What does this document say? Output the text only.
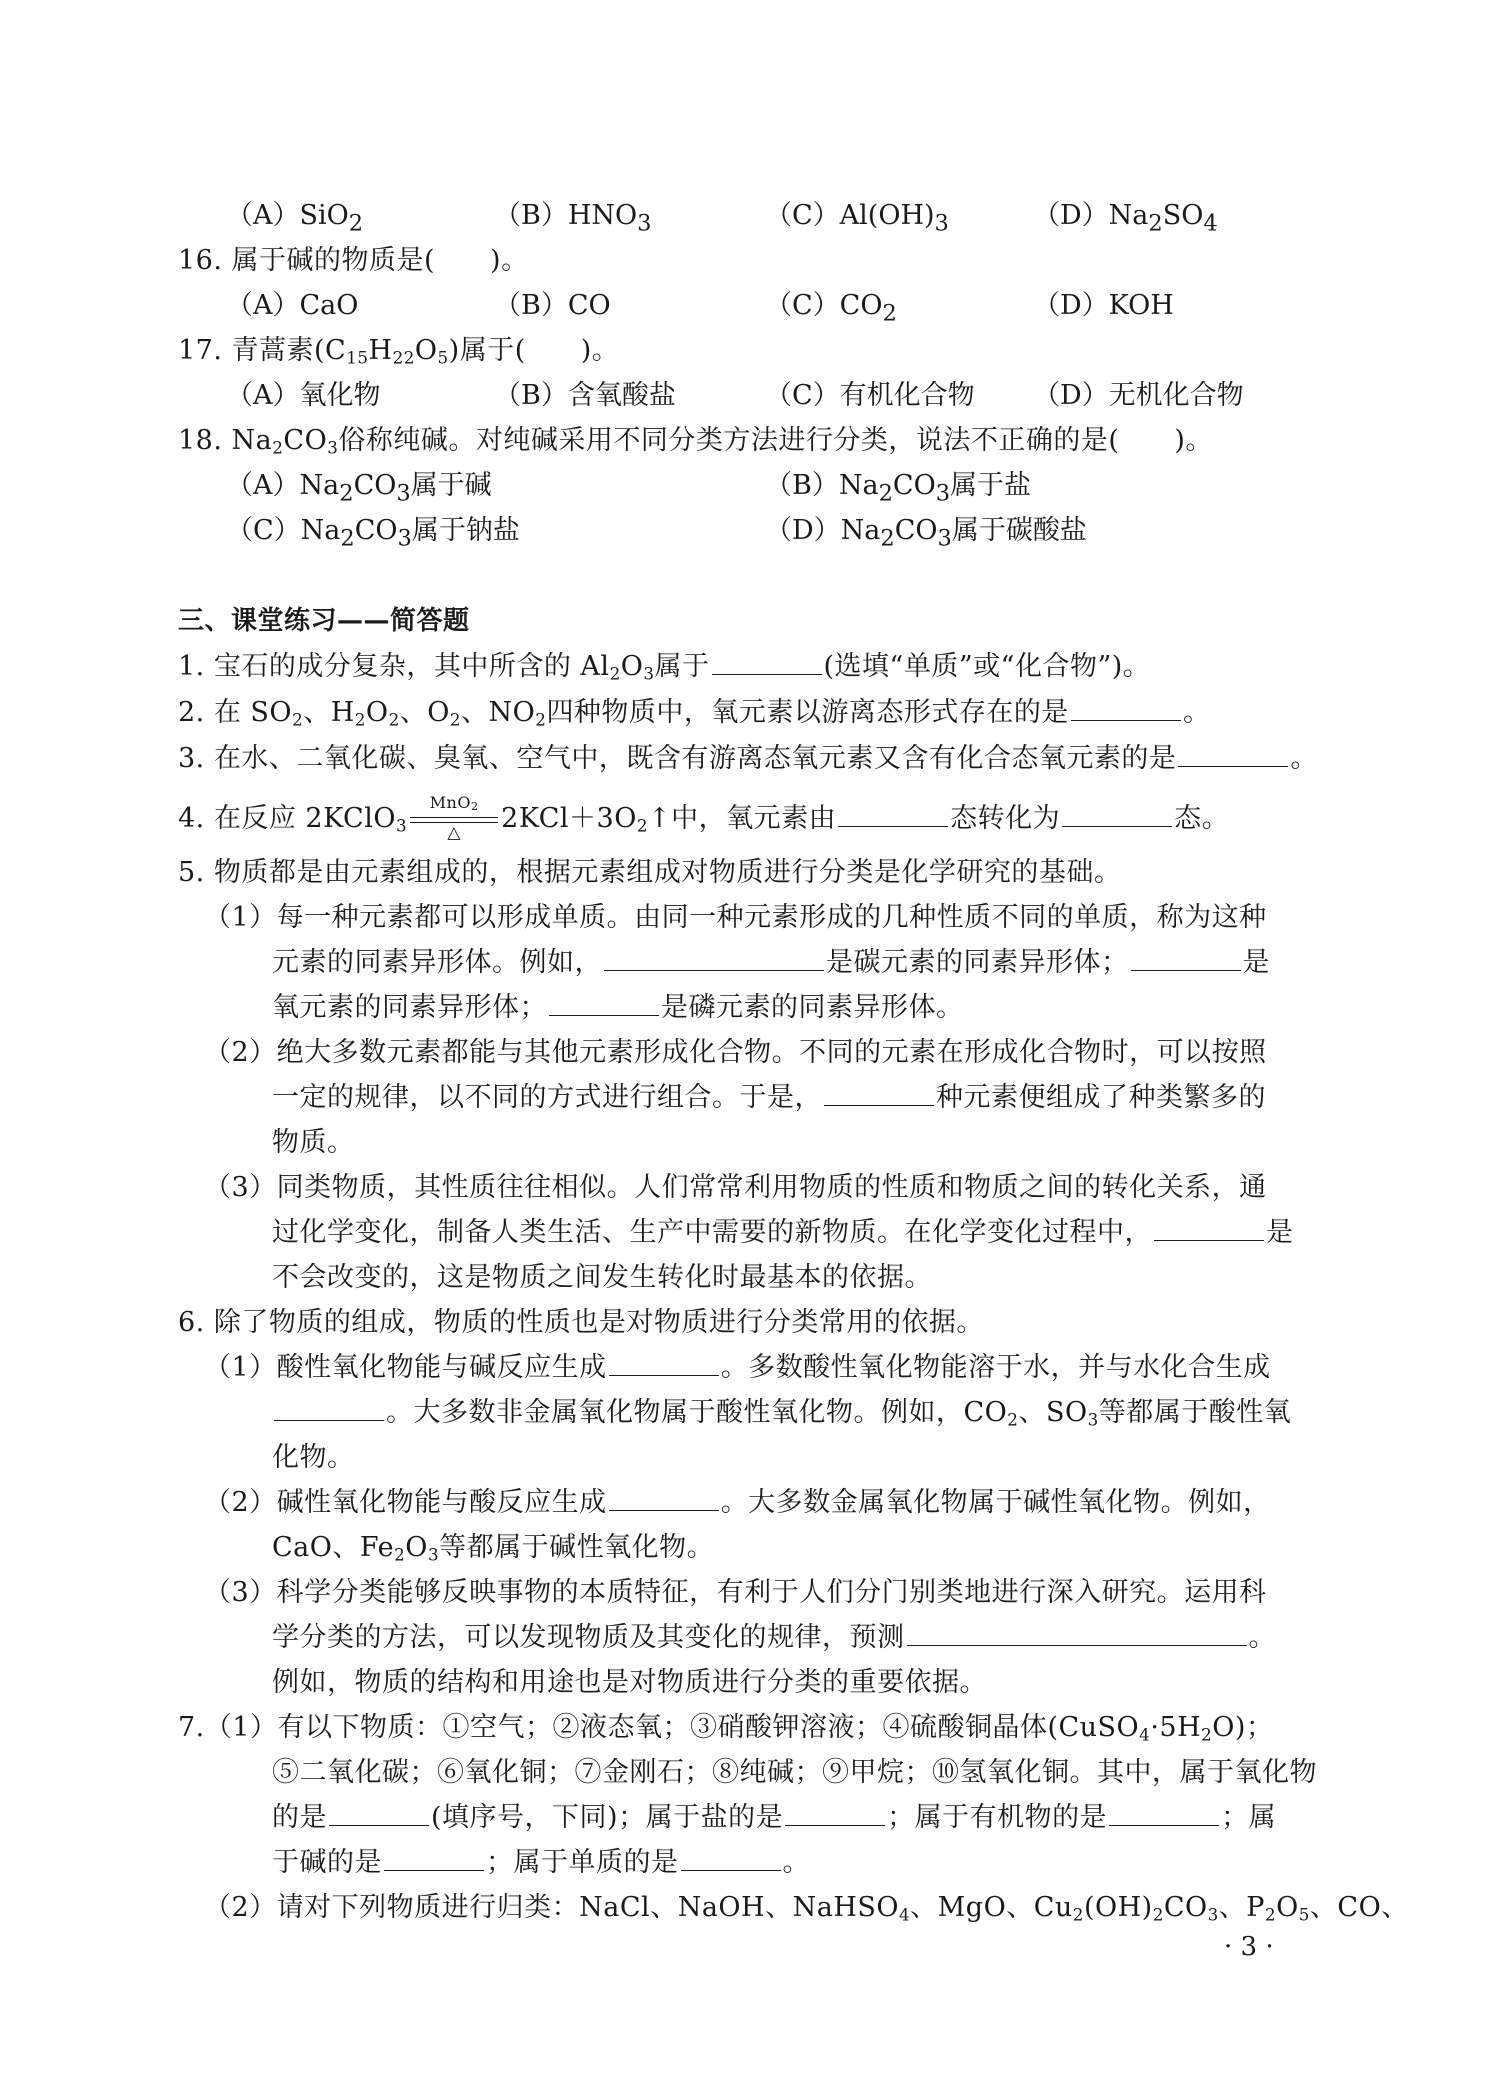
（A）SiO$_2$	$(B)HNO_3$	$(C)Al(OH)_3$	$(D)Na_2SO_4$
16. 属于碱的物质是(　　)。
（A）CaO	（B）CO	$(C)CO_2$	（D）KOH
17. 青蒿素$(C_{15}H_{22}O_5)$属于(　　)。
（A）氧化物	（B）含氧酸盐	（C）有机化合物 （D）无机化合物
18. $Na_2CO_3$俗称纯碱。对纯碱采用不同分类方法进行分类，说法不正确的是(　　)。
$(A)Na_2CO_3$属于碱	$(B)Na_2CO_3$属于盐
$(C)Na_2CO_3$属于钠盐	$(D)Na_2CO_3$属于碳酸盐
三、课堂练习——简答题
1. 宝石的成分复杂，其中所含的 $Al_2O_3$属于	(选填“单质”或“化合物”)。
2. 在 $SO_2$、$H_2O_2$、$O_2$、$NO_2$四种物质中，氧元素以游离态形式存在的是	。
3. 在水、二氧化碳、臭氧、空气中，既含有游离态氧元素又含有化合态氧元素的是	。
4. 在反应 2KClO$_3$ $\frac{MnO_2}{\triangle}$ $2KCl+3O_2↑$中，氧元素由	态转化为	态。
5. 物质都是由元素组成的，根据元素组成对物质进行分类是化学研究的基础。
（1）每一种元素都可以形成单质。由同一种元素形成的几种性质不同的单质，称为这种
元素的同素异形体。例如，	是碳元素的同素异形体；	是
氧元素的同素异形体；	是磷元素的同素异形体。
（2）绝大多数元素都能与其他元素形成化合物。不同的元素在形成化合物时，可以按照
一定的规律，以不同的方式进行组合。于是，	种元素便组成了种类繁多的
物质。
（3）同类物质，其性质往往相似。人们常常利用物质的性质和物质之间的转化关系，通
过化学变化，制备人类生活、生产中需要的新物质。在化学变化过程中，	是
不会改变的，这是物质之间发生转化时最基本的依据。
6. 除了物质的组成，物质的性质也是对物质进行分类常用的依据。
（1）酸性氧化物能与碱反应生成	。多数酸性氧化物能溶于水，并与水化合生成
。大多数非金属氧化物属于酸性氧化物。例如，$CO_2$、$SO_3$等都属于酸性氧
化物。
（2）碱性氧化物能与酸反应生成	。大多数金属氧化物属于碱性氧化物。例如，
CaO、$Fe_2O_3$等都属于碱性氧化物。
（3）科学分类能够反映事物的本质特征，有利于人们分门别类地进行深入研究。运用科
学分类的方法，可以发现物质及其变化的规律，预测	。
例如，物质的结构和用途也是对物质进行分类的重要依据。
7.（1）有以下物质：①空气；②液态氧；③硝酸钾溶液；④硫酸铜晶体$(CuSO_4\cdot 5H_2O)$；
⑤二氧化碳；⑥氧化铜；⑦金刚石；⑧纯碱；⑨甲烷；⑩氢氧化铜。其中，属于氧化物
的是	(填序号，下同)；属于盐的是	；属于有机物的是	；属
于碱的是	；属于单质的是	。
（2）请对下列物质进行归类：NaCl、NaOH、NaHSO$_4$、MgO、$Cu_2(OH)_2CO_3$、$P_2O_5$、CO、
· 3 ·
